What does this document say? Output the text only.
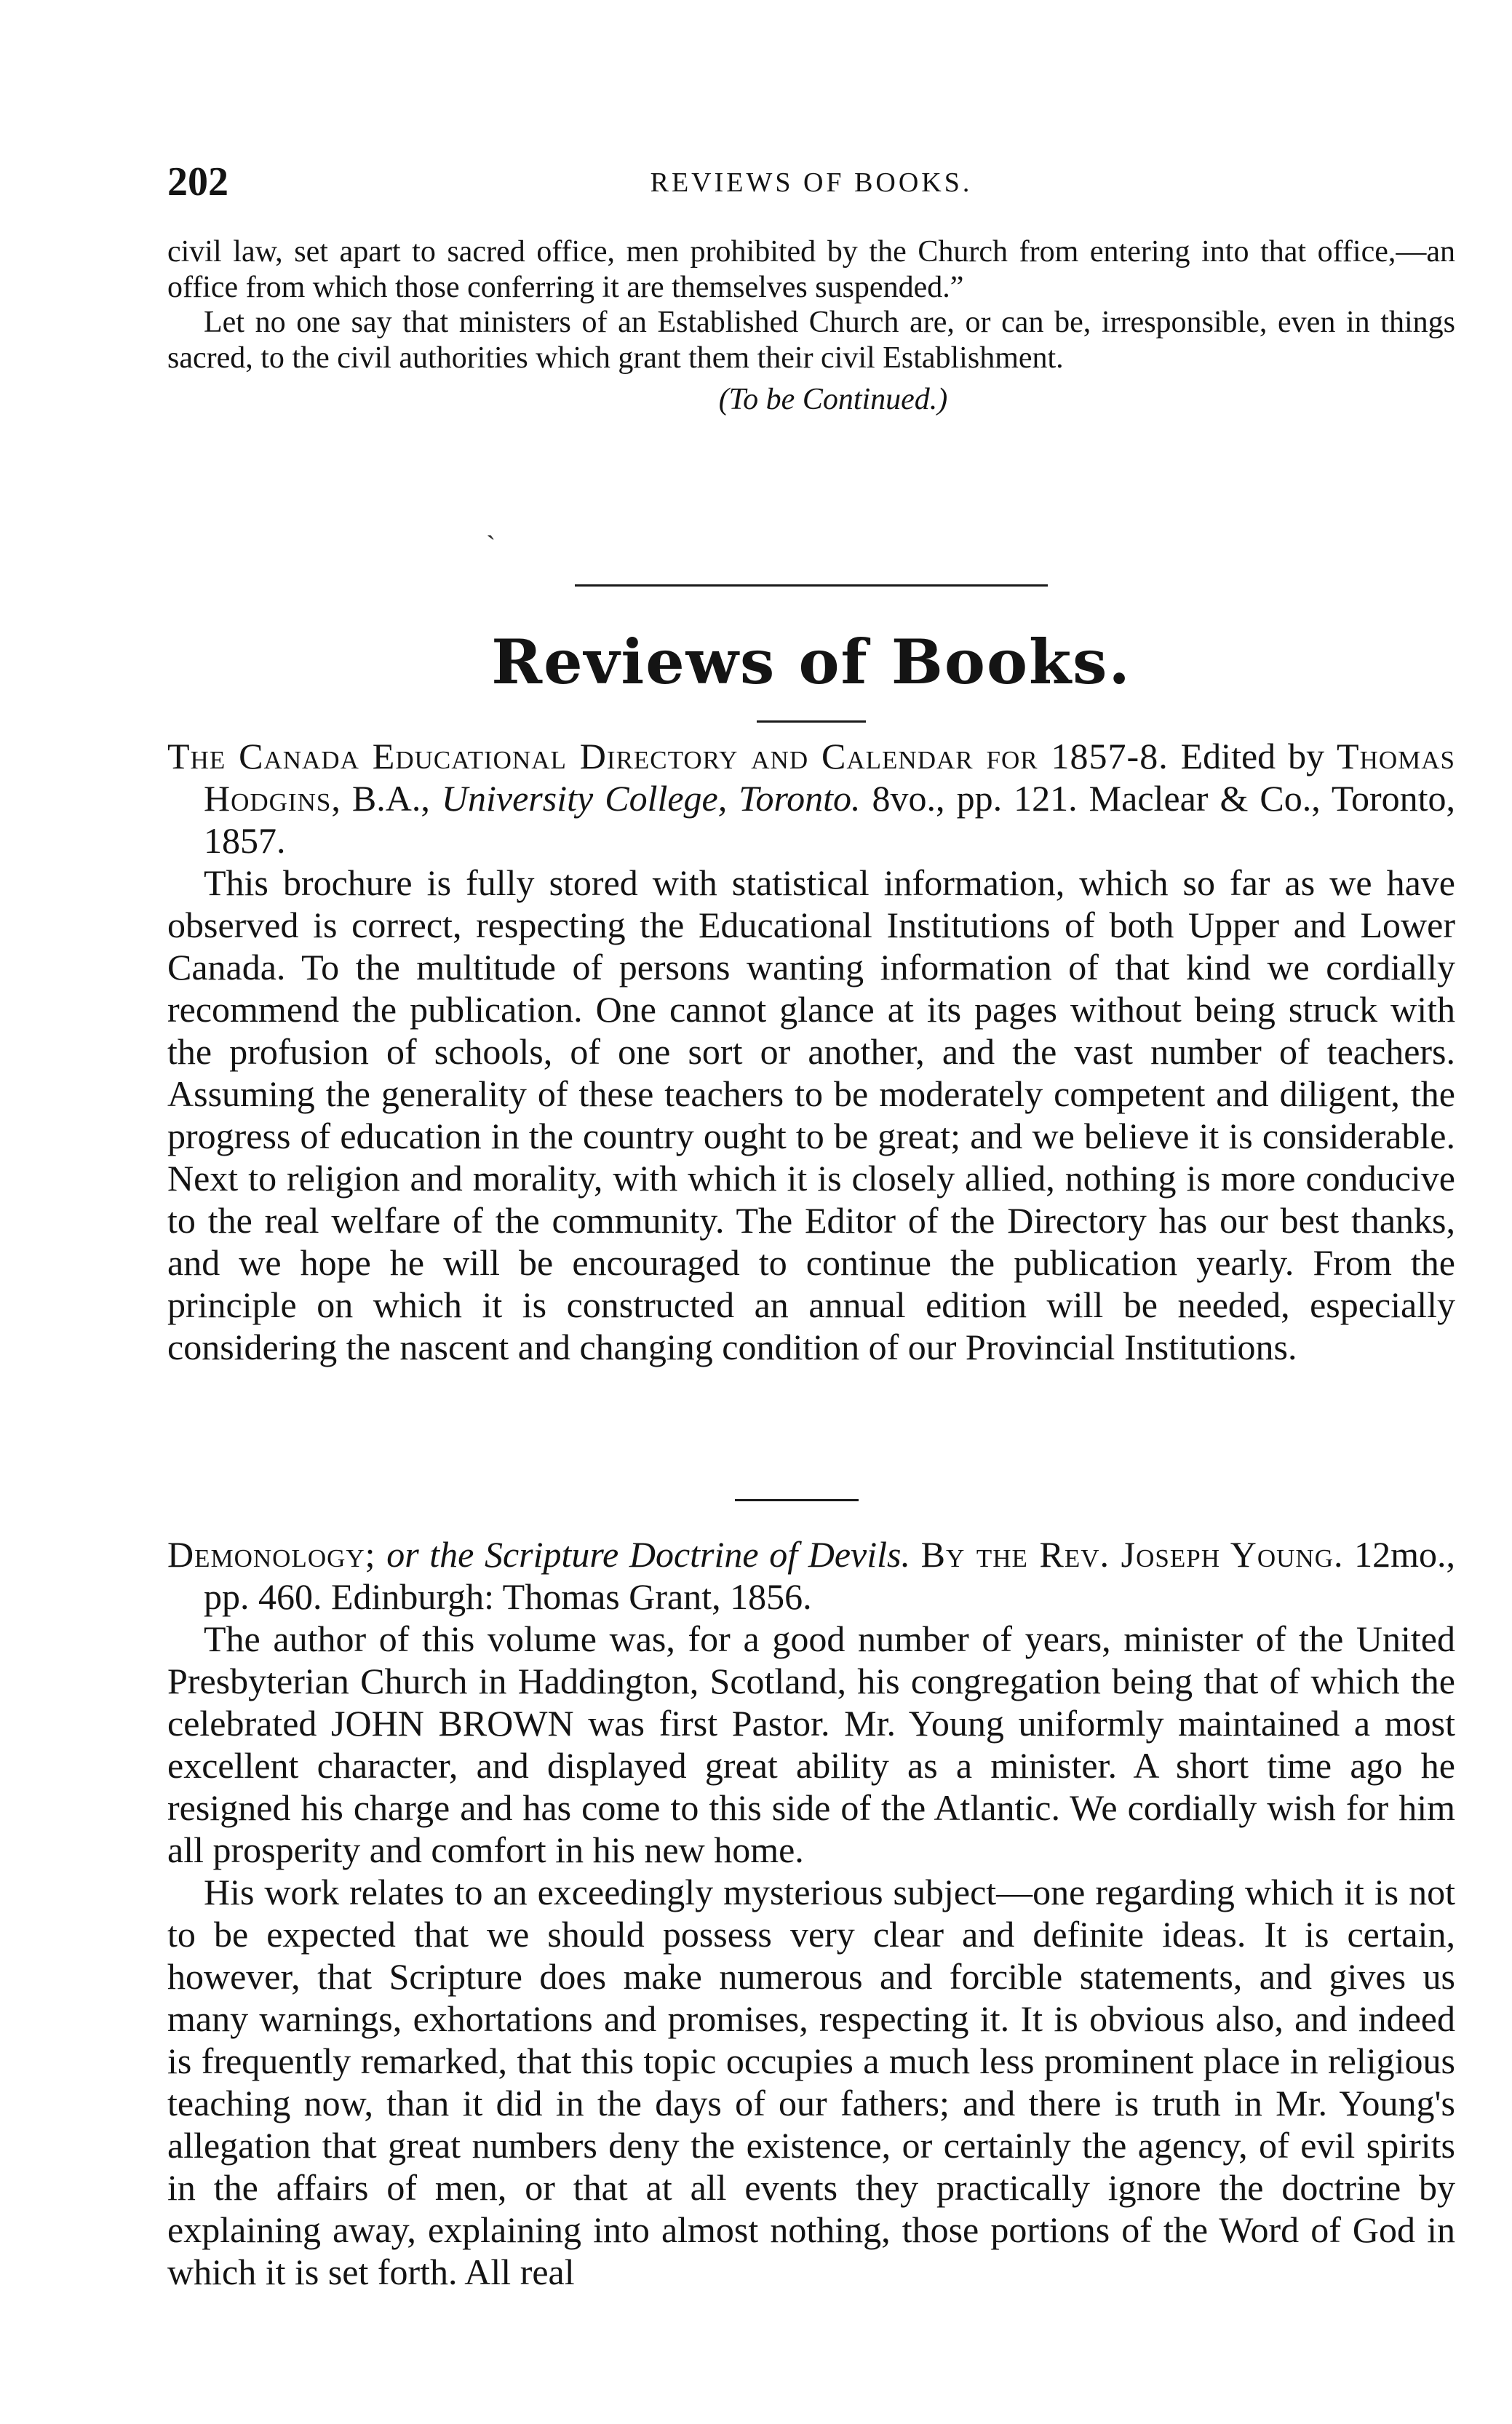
202	REVIEWS OF BOOKS.

civil law, set apart to sacred office, men prohibited by the Church from entering into that office,—an office from which those conferring it are themselves suspended.”

Let no one say that ministers of an Established Church are, or can be, irresponsible, even in things sacred, to the civil authorities which grant them their civil Establishment.

(To be Continued.)

ˎ
Reviews of Books.

The Canada Educational Directory and Calendar for 1857-8. Edited by Thomas Hodgins, B.A., University College, Toronto. 8vo., pp. 121. Maclear & Co., Toronto, 1857.

This brochure is fully stored with statistical information, which so far as we have observed is correct, respecting the Educational Institutions of both Upper and Lower Canada. To the multitude of persons wanting information of that kind we cordially recommend the publication. One cannot glance at its pages without being struck with the profusion of schools, of one sort or another, and the vast number of teachers. Assuming the generality of these teachers to be moderately competent and diligent, the progress of education in the country ought to be great; and we believe it is considerable. Next to religion and morality, with which it is closely allied, nothing is more conducive to the real welfare of the community. The Editor of the Directory has our best thanks, and we hope he will be encouraged to continue the publication yearly. From the principle on which it is constructed an annual edition will be needed, especially considering the nascent and changing condition of our Provincial Institutions.

Demonology; or the Scripture Doctrine of Devils. By the Rev. Joseph Young. 12mo., pp. 460. Edinburgh: Thomas Grant, 1856.

The author of this volume was, for a good number of years, minister of the United Presbyterian Church in Haddington, Scotland, his congregation being that of which the celebrated JOHN BROWN was first Pastor. Mr. Young uniformly maintained a most excellent character, and displayed great ability as a minister. A short time ago he resigned his charge and has come to this side of the Atlantic. We cordially wish for him all prosperity and comfort in his new home.

His work relates to an exceedingly mysterious subject—one regarding which it is not to be expected that we should possess very clear and definite ideas. It is certain, however, that Scripture does make numerous and forcible statements, and gives us many warnings, exhortations and promises, respecting it. It is obvious also, and indeed is frequently remarked, that this topic occupies a much less prominent place in religious teaching now, than it did in the days of our fathers; and there is truth in Mr. Young's allegation that great numbers deny the existence, or certainly the agency, of evil spirits in the affairs of men, or that at all events they practically ignore the doctrine by explaining away, explaining into almost nothing, those portions of the Word of God in which it is set forth. All real
